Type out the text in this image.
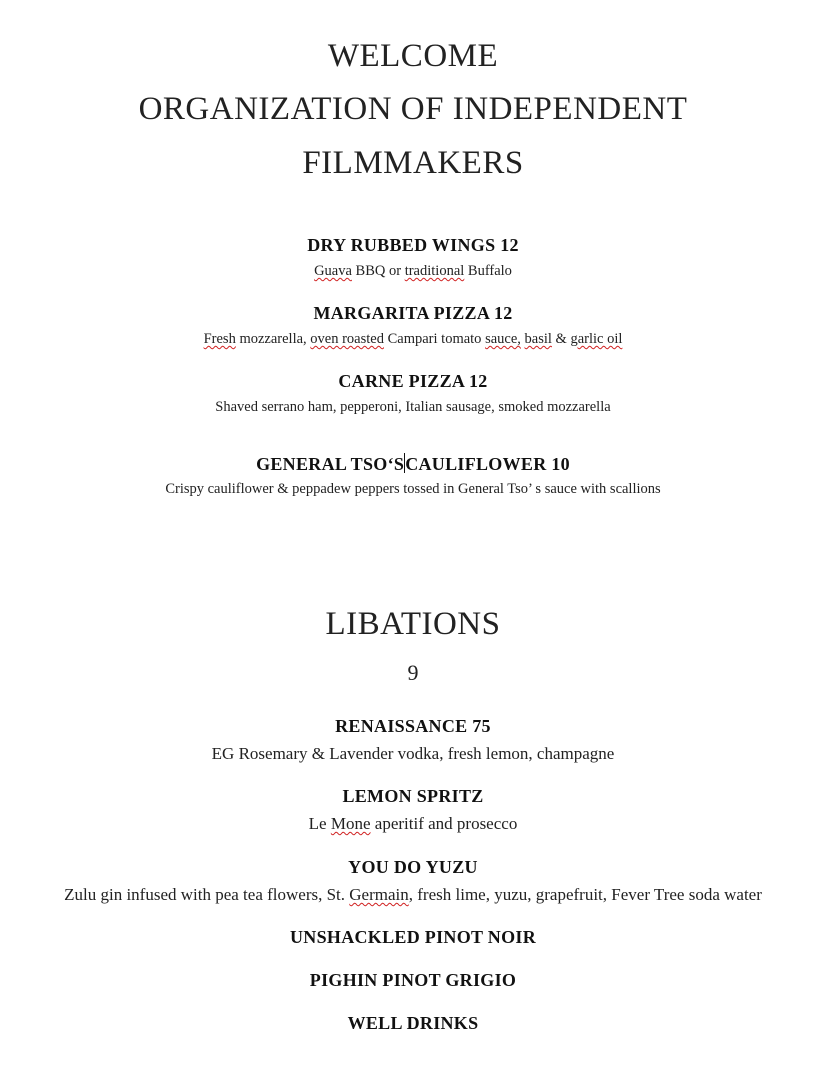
WELCOME
ORGANIZATION OF INDEPENDENT
FILMMAKERS
DRY RUBBED WINGS 12
Guava BBQ or traditional Buffalo
MARGARITA PIZZA 12
Fresh mozzarella, oven roasted Campari tomato sauce, basil & garlic oil
CARNE PIZZA 12
Shaved serrano ham, pepperoni, Italian sausage, smoked mozzarella
GENERAL TSO‘SCAULIFLOWER 10
Crispy cauliflower & peppadew peppers tossed in General Tso’ s sauce with scallions
LIBATIONS
9
RENAISSANCE 75
EG Rosemary & Lavender vodka, fresh lemon, champagne
LEMON SPRITZ
Le Mone aperitif and prosecco
YOU DO YUZU
Zulu gin infused with pea tea flowers, St. Germain, fresh lime, yuzu, grapefruit, Fever Tree soda water
UNSHACKLED PINOT NOIR
PIGHIN PINOT GRIGIO
WELL DRINKS
